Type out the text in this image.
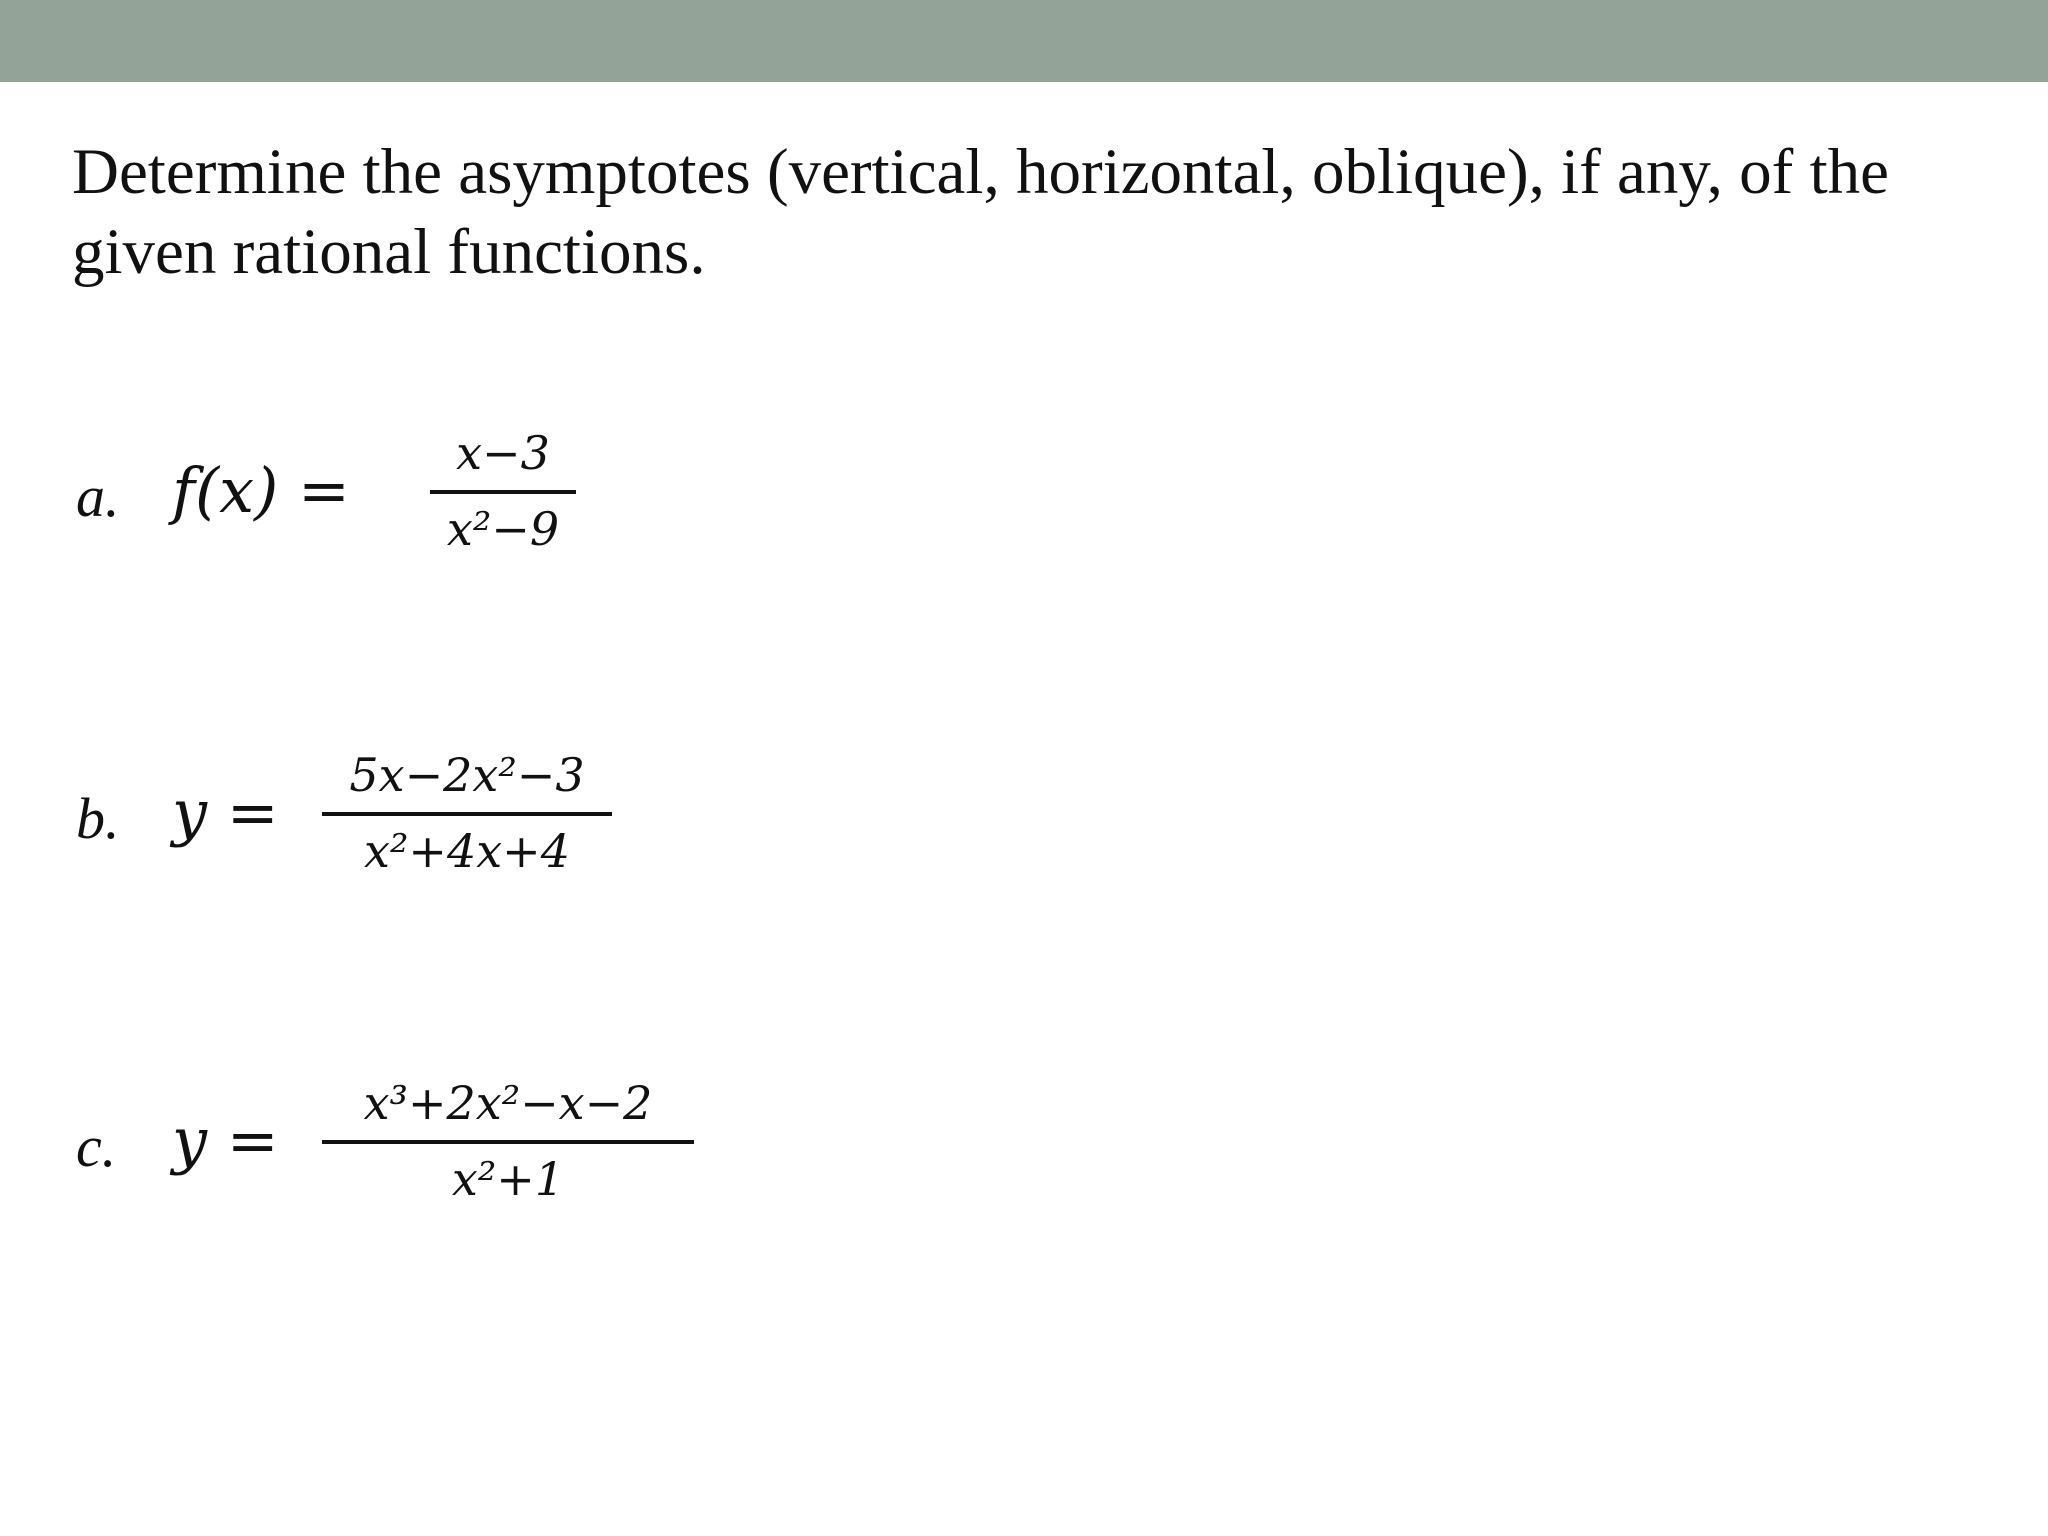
Determine the asymptotes (vertical, horizontal, oblique), if any, of the given rational functions.

a. f(x) =
x−3
x²−9
b. y =
5x−2x²−3
x²+4x+4
c. y =
x³+2x²−x−2
x²+1
